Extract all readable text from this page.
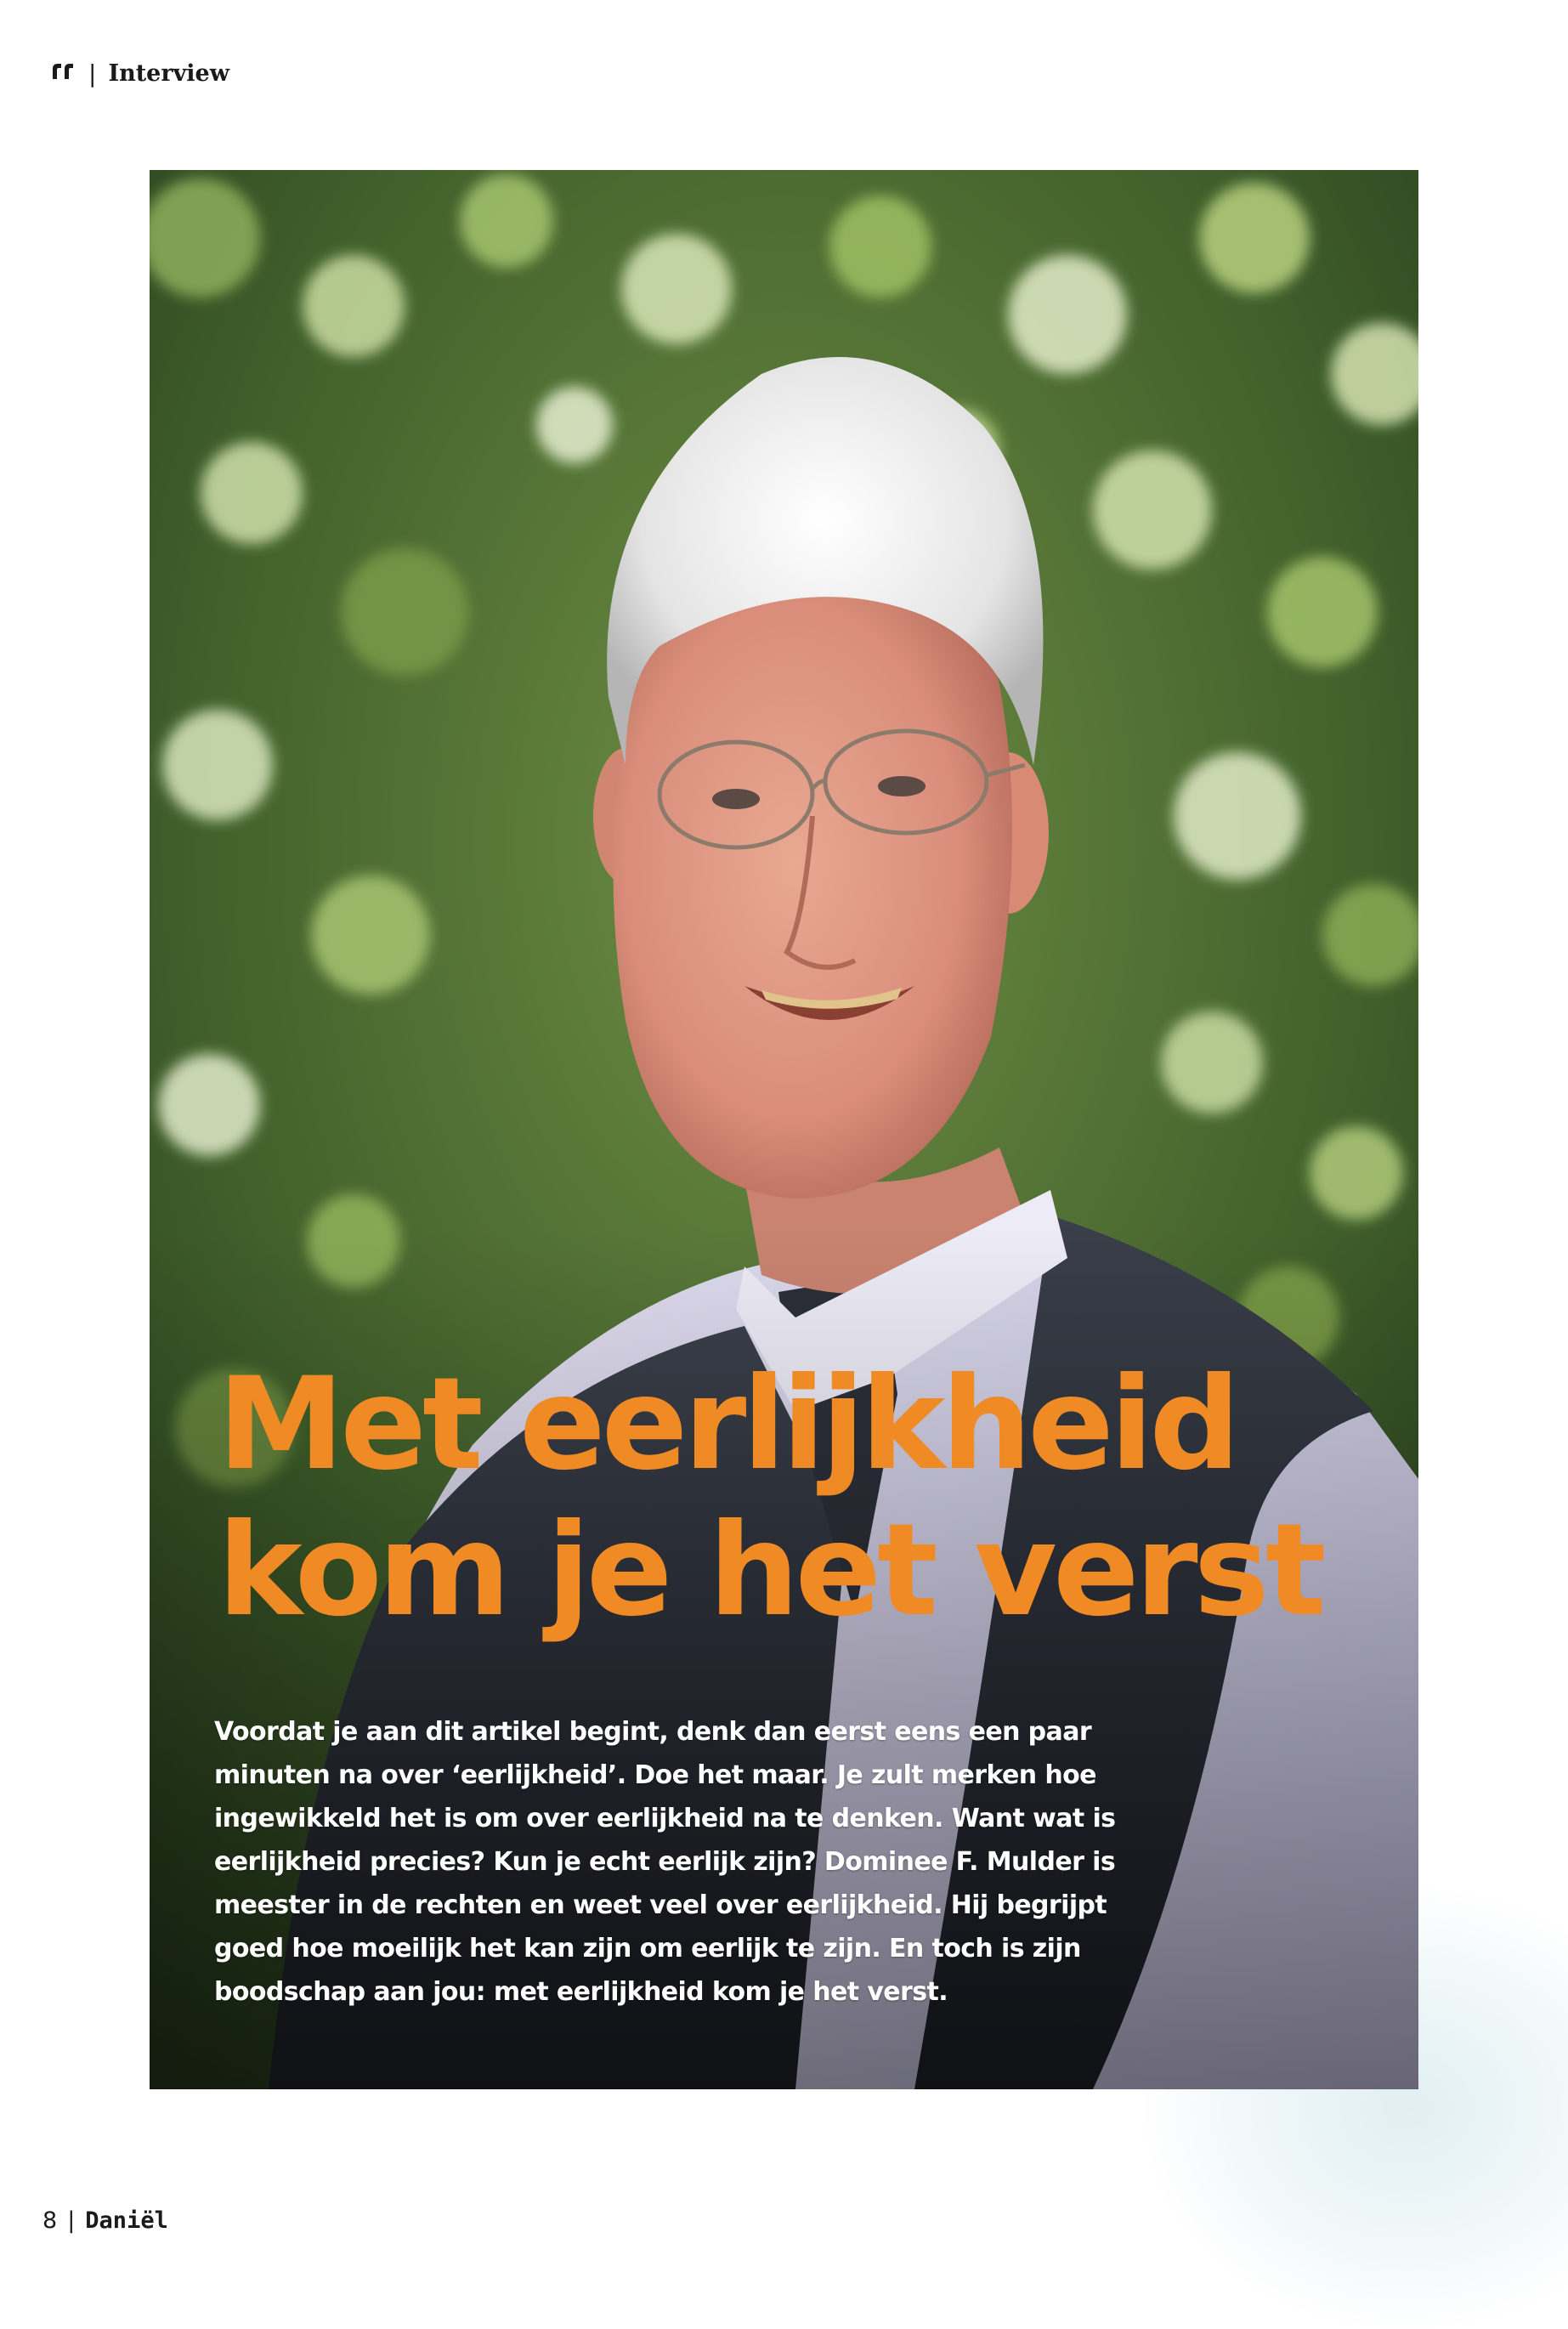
| Interview
Met eerlijkheid
kom je het verst

Voordat je aan dit artikel begint, denk dan eerst eens een paar minuten na over ‘eerlijkheid’. Doe het maar. Je zult merken hoe ingewikkeld het is om over eerlijkheid na te denken. Want wat is eerlijkheid precies? Kun je echt eerlijk zijn? Dominee F. Mulder is meester in de rechten en weet veel over eerlijkheid. Hij begrijpt goed hoe moeilijk het kan zijn om eerlijk te zijn. En toch is zijn boodschap aan jou: met eerlijkheid kom je het verst.

8 | Daniël
